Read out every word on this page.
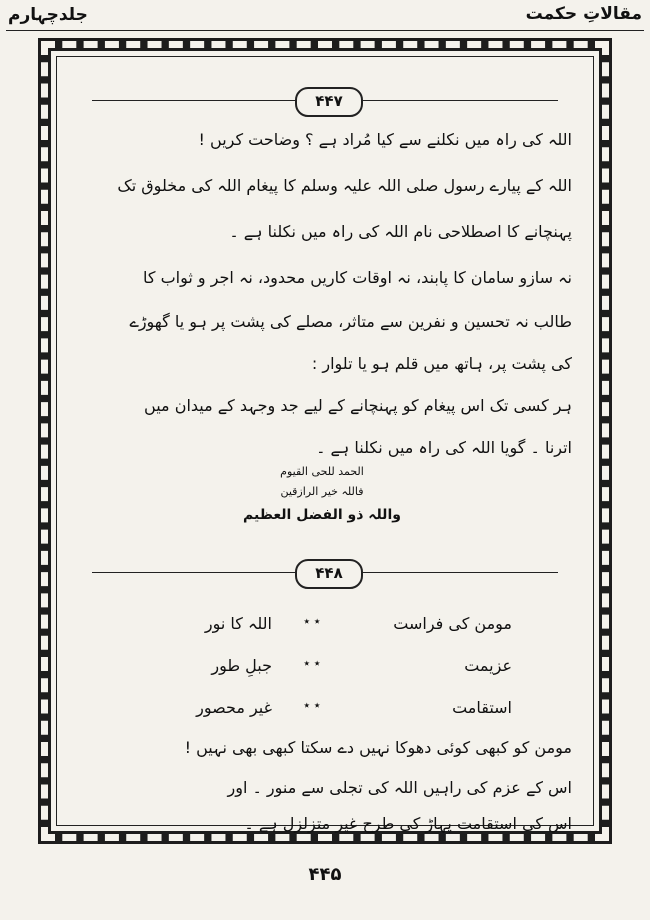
مقالاتِ حکمت
جلدچہارم
۴۴۷
اللہ کی راہ میں نکلنے سے کیا مُراد ہے ؟ وضاحت کریں !
اللہ کے پیارے رسول صلی اللہ علیہ وسلم کا پیغام اللہ کی مخلوق تک
پہنچانے کا اصطلاحی نام اللہ کی راہ میں نکلنا ہے ۔
نہ سازو سامان کا پابند، نہ اوقات کاریں محدود، نہ اجر و ثواب کا
طالب نہ تحسین و نفرین سے متاثر، مصلے کی پشت پر ہو یا گھوڑے
کی پشت پر، ہاتھ میں قلم ہو یا تلوار :
ہر کسی تک اس پیغام کو پہنچانے کے لیے جد وجہد کے میدان میں
اترنا ۔ گویا اللہ کی راہ میں نکلنا ہے ۔
الحمد للحی القیوم
فاللہ خیر الرازقین
واللہ ذو الفضل العظیم
۴۴۸
مومن کی فراست
٭ ٭
اللہ کا نور
عزیمت
٭ ٭
جبلِ طور
استقامت
٭ ٭
غیر محصور
مومن کو کبھی کوئی دھوکا نہیں دے سکتا کبھی بھی نہیں !
اس کے عزم کی راہیں اللہ کی تجلی سے منور ۔ اور
اس کی استقامت پہاڑ کی طرح غیر متزلزل ہے ۔
۴۴۵
